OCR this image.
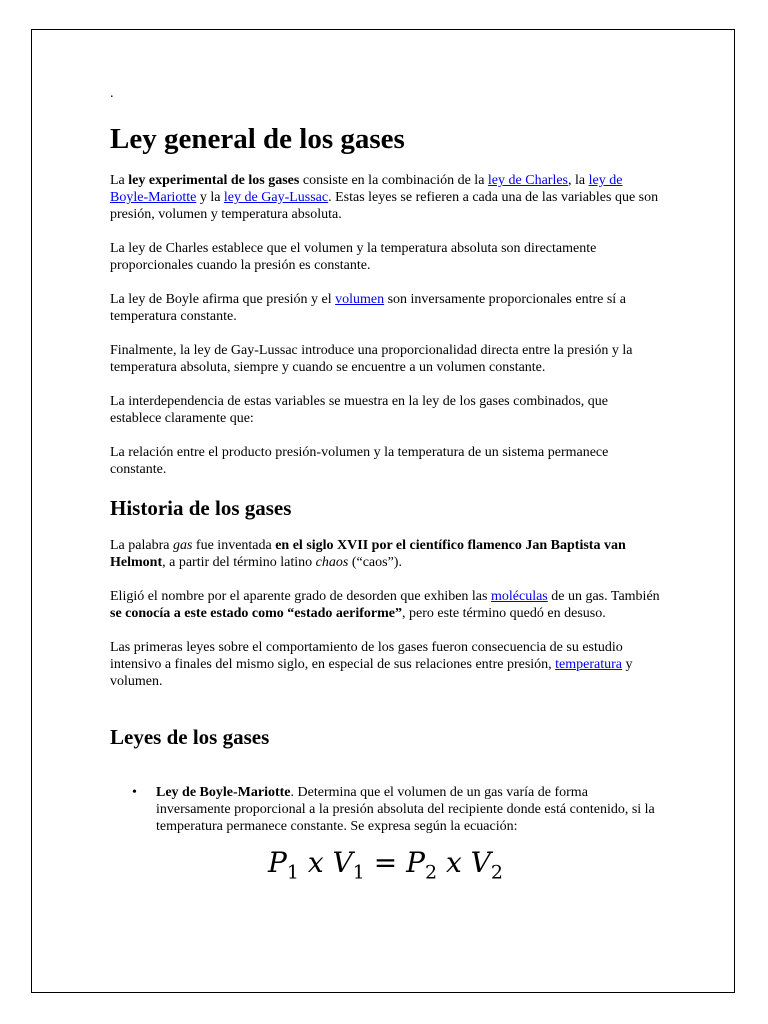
.
Ley general de los gases

La ley experimental de los gases consiste en la combinación de la ley de Charles, la ley de Boyle-Mariotte y la ley de Gay-Lussac. Estas leyes se refieren a cada una de las variables que son presión, volumen y temperatura absoluta.

La ley de Charles establece que el volumen y la temperatura absoluta son directamente proporcionales cuando la presión es constante.

La ley de Boyle afirma que presión y el volumen son inversamente proporcionales entre sí a temperatura constante.

Finalmente, la ley de Gay-Lussac introduce una proporcionalidad directa entre la presión y la temperatura absoluta, siempre y cuando se encuentre a un volumen constante.

La interdependencia de estas variables se muestra en la ley de los gases combinados, que establece claramente que:

La relación entre el producto presión-volumen y la temperatura de un sistema permanece constante.

Historia de los gases

La palabra gas fue inventada en el siglo XVII por el científico flamenco Jan Baptista van Helmont, a partir del término latino chaos (“caos”).

Eligió el nombre por el aparente grado de desorden que exhiben las moléculas de un gas. También se conocía a este estado como “estado aeriforme”, pero este término quedó en desuso.

Las primeras leyes sobre el comportamiento de los gases fueron consecuencia de su estudio intensivo a finales del mismo siglo, en especial de sus relaciones entre presión, temperatura y volumen.

Leyes de los gases
• Ley de Boyle-Mariotte. Determina que el volumen de un gas varía de forma inversamente proporcional a la presión absoluta del recipiente donde está contenido, si la temperatura permanece constante. Se expresa según la ecuación:
$P_1$ x $V_1 = P_2$ x $V_2$
